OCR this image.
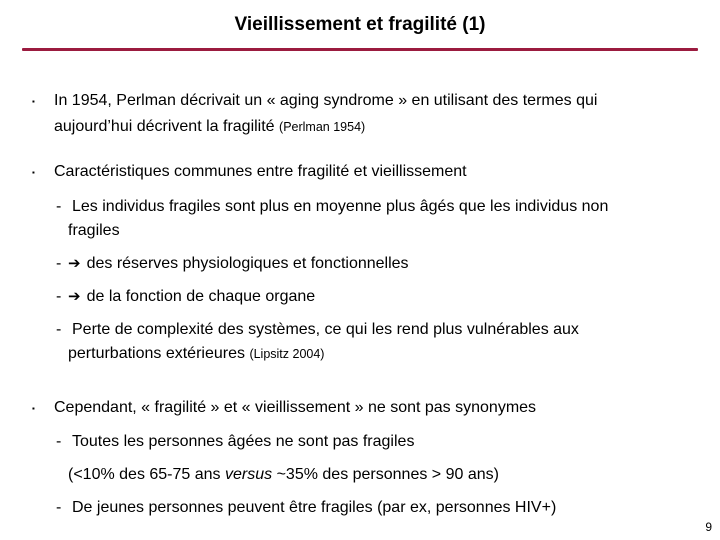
Vieillissement et fragilité (1)
▪ In 1954, Perlman décrivait un « aging syndrome » en utilisant des termes qui
aujourd’hui décrivent la fragilité (Perlman 1954)
▪ Caractéristiques communes entre fragilité et vieillissement
- Les individus fragiles sont plus en moyenne plus âgés que les individus non
fragiles
- ➔ des réserves physiologiques et fonctionnelles
- ➔ de la fonction de chaque organe
- Perte de complexité des systèmes, ce qui les rend plus vulnérables aux
perturbations extérieures (Lipsitz 2004)
▪ Cependant, « fragilité » et « vieillissement » ne sont pas synonymes
- Toutes les personnes âgées ne sont pas fragiles
(<10% des 65-75 ans versus ~35% des personnes > 90 ans)
- De jeunes personnes peuvent être fragiles (par ex, personnes HIV+)
9
